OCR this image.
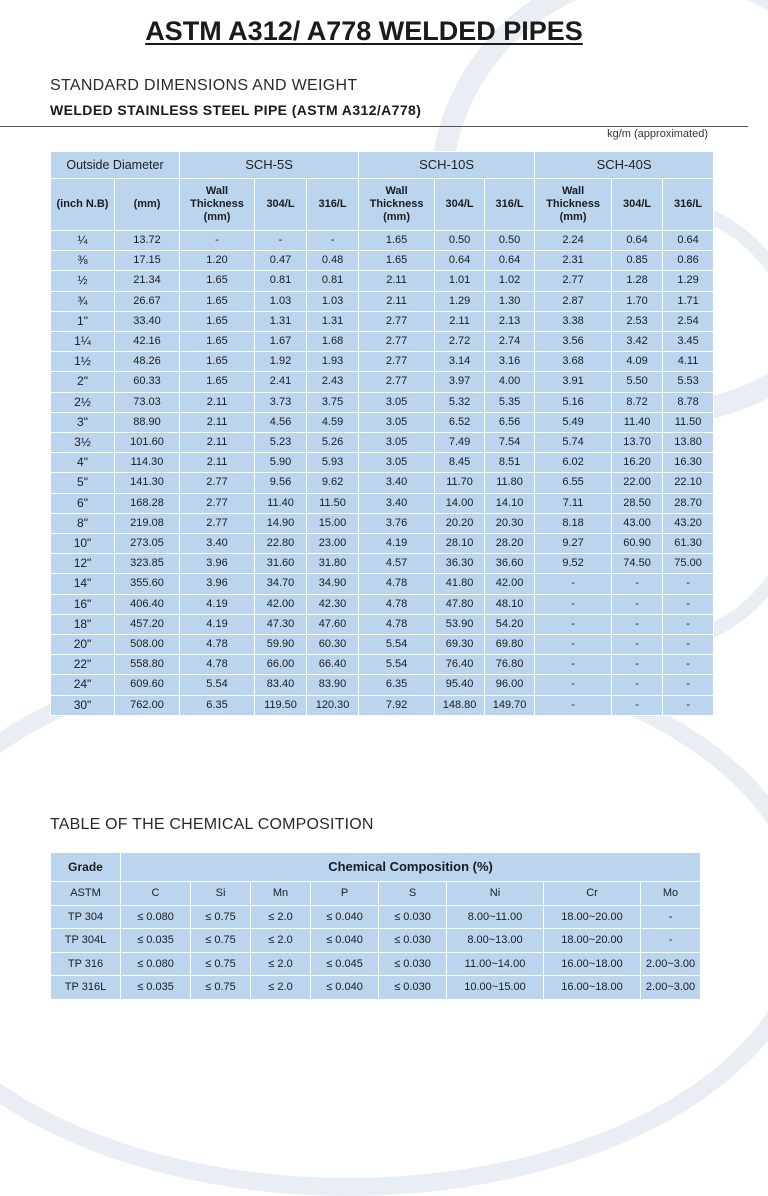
ASTM A312/ A778 WELDED PIPES
STANDARD DIMENSIONS AND WEIGHT
WELDED STAINLESS STEEL PIPE (ASTM A312/A778)
kg/m (approximated)
Outside Diameter		SCH-5S			SCH-10S			SCH-40S		
(inch N.B)	(mm)	Wall
Thickness
(mm)	304/L	316/L	Wall
Thickness
(mm)	304/L	316/L	Wall
Thickness
(mm)	304/L	316/L
¼	13.72	-	-	-	1.65	0.50	0.50	2.24	0.64	0.64
⅜	17.15	1.20	0.47	0.48	1.65	0.64	0.64	2.31	0.85	0.86
½	21.34	1.65	0.81	0.81	2.11	1.01	1.02	2.77	1.28	1.29
¾	26.67	1.65	1.03	1.03	2.11	1.29	1.30	2.87	1.70	1.71
1"	33.40	1.65	1.31	1.31	2.77	2.11	2.13	3.38	2.53	2.54
1¼	42.16	1.65	1.67	1.68	2.77	2.72	2.74	3.56	3.42	3.45
1½	48.26	1.65	1.92	1.93	2.77	3.14	3.16	3.68	4.09	4.11
2"	60.33	1.65	2.41	2.43	2.77	3.97	4.00	3.91	5.50	5.53
2½	73.03	2.11	3.73	3.75	3.05	5.32	5.35	5.16	8.72	8.78
3"	88.90	2.11	4.56	4.59	3.05	6.52	6.56	5.49	11.40	11.50
3½	101.60	2.11	5.23	5.26	3.05	7.49	7.54	5.74	13.70	13.80
4"	114.30	2.11	5.90	5.93	3.05	8.45	8.51	6.02	16.20	16.30
5"	141.30	2.77	9.56	9.62	3.40	11.70	11.80	6.55	22.00	22.10
6"	168.28	2.77	11.40	11.50	3.40	14.00	14.10	7.11	28.50	28.70
8"	219.08	2.77	14.90	15.00	3.76	20.20	20.30	8.18	43.00	43.20
10"	273.05	3.40	22.80	23.00	4.19	28.10	28.20	9.27	60.90	61.30
12"	323.85	3.96	31.60	31.80	4.57	36.30	36.60	9.52	74.50	75.00
14"	355.60	3.96	34.70	34.90	4.78	41.80	42.00	-	-	-
16"	406.40	4.19	42.00	42.30	4.78	47.80	48.10	-	-	-
18"	457.20	4.19	47.30	47.60	4.78	53.90	54.20	-	-	-
20"	508.00	4.78	59.90	60.30	5.54	69.30	69.80	-	-	-
22"	558.80	4.78	66.00	66.40	5.54	76.40	76.80	-	-	-
24"	609.60	5.54	83.40	83.90	6.35	95.40	96.00	-	-	-
30"	762.00	6.35	119.50	120.30	7.92	148.80	149.70	-	-	-
TABLE OF THE CHEMICAL COMPOSITION
Grade	Chemical Composition (%)							
ASTM	C	Si	Mn	P	S	Ni	Cr	Mo
TP 304	≤ 0.080	≤ 0.75	≤ 2.0	≤ 0.040	≤ 0.030	8.00~11.00	18.00~20.00	-
TP 304L	≤ 0.035	≤ 0.75	≤ 2.0	≤ 0.040	≤ 0.030	8.00~13.00	18.00~20.00	-
TP 316	≤ 0.080	≤ 0.75	≤ 2.0	≤ 0.045	≤ 0.030	11.00~14.00	16.00~18.00	2.00~3.00
TP 316L	≤ 0.035	≤ 0.75	≤ 2.0	≤ 0.040	≤ 0.030	10.00~15.00	16.00~18.00	2.00~3.00
